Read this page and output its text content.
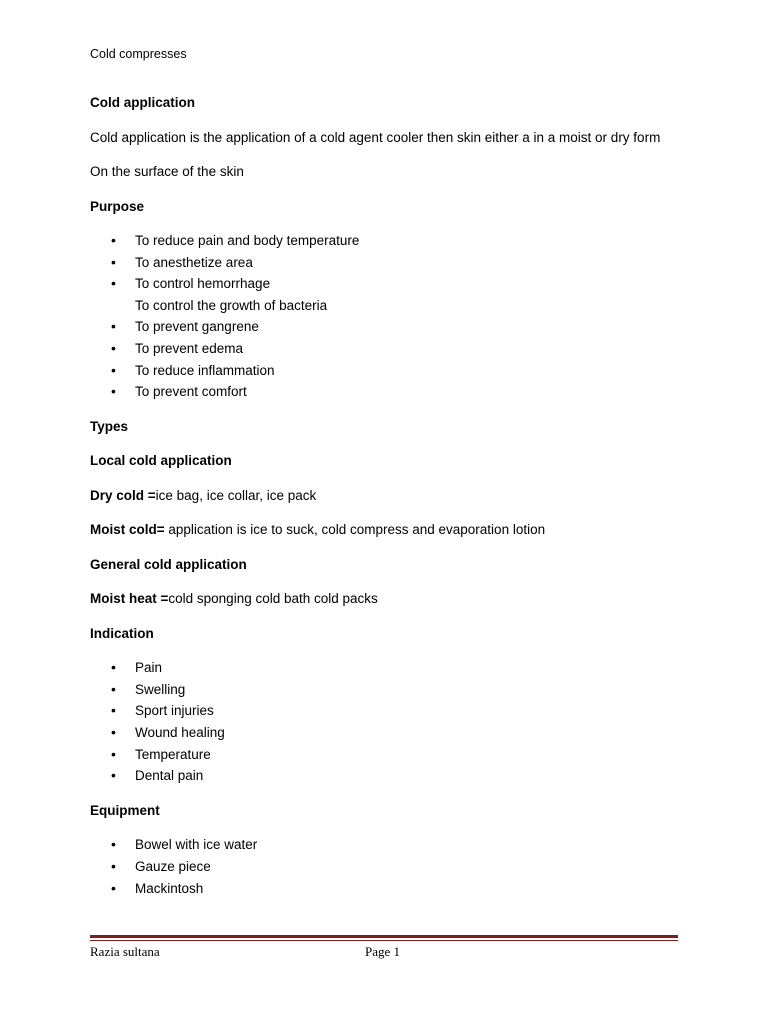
Cold compresses

Cold application

Cold application is the application of a cold agent cooler then skin either a in a moist or dry form

On the surface of the skin

Purpose

• To reduce pain and body temperature
• To anesthetize area
• To control hemorrhage
To control the growth of bacteria
• To prevent gangrene
• To prevent edema
• To reduce inflammation
• To prevent comfort

Types

Local cold application

Dry cold =ice bag, ice collar, ice pack

Moist cold= application is ice to suck, cold compress and evaporation lotion

General cold application

Moist heat =cold sponging cold bath cold packs

Indication

• Pain
• Swelling
• Sport injuries
• Wound healing
• Temperature
• Dental pain

Equipment

• Bowel with ice water
• Gauze piece
• Mackintosh
Razia sultana	Page 1
